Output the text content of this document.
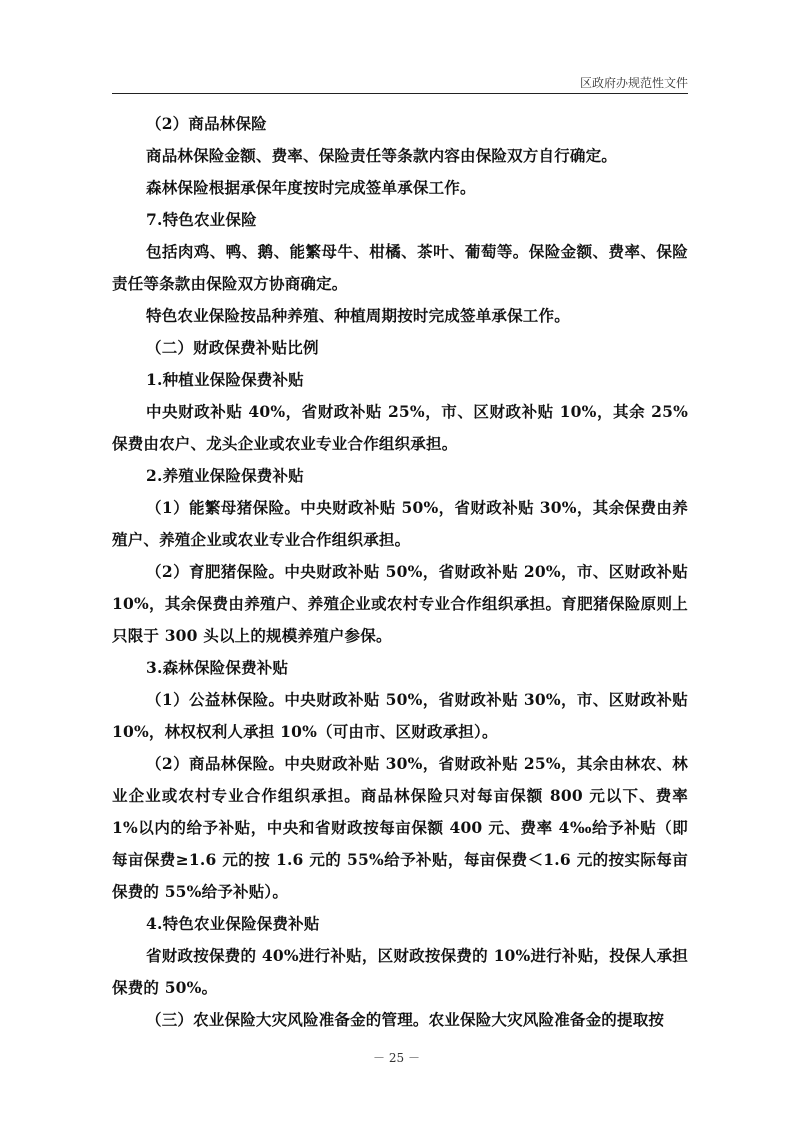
区政府办规范性文件

（2）商品林保险

商品林保险金额、费率、保险责任等条款内容由保险双方自行确定。

森林保险根据承保年度按时完成签单承保工作。

7.特色农业保险

包括肉鸡、鸭、鹅、能繁母牛、柑橘、茶叶、葡萄等。保险金额、费率、保险责任等条款由保险双方协商确定。

特色农业保险按品种养殖、种植周期按时完成签单承保工作。

（二）财政保费补贴比例

1.种植业保险保费补贴

中央财政补贴 40%，省财政补贴 25%，市、区财政补贴 10%，其余 25%保费由农户、龙头企业或农业专业合作组织承担。

2.养殖业保险保费补贴

（1）能繁母猪保险。中央财政补贴 50%，省财政补贴 30%，其余保费由养殖户、养殖企业或农业专业合作组织承担。

（2）育肥猪保险。中央财政补贴 50%，省财政补贴 20%，市、区财政补贴 10%，其余保费由养殖户、养殖企业或农村专业合作组织承担。育肥猪保险原则上只限于 300 头以上的规模养殖户参保。

3.森林保险保费补贴

（1）公益林保险。中央财政补贴 50%，省财政补贴 30%，市、区财政补贴 10%，林权权利人承担 10%（可由市、区财政承担）。

（2）商品林保险。中央财政补贴 30%，省财政补贴 25%，其余由林农、林业企业或农村专业合作组织承担。商品林保险只对每亩保额 800 元以下、费率 1%以内的给予补贴，中央和省财政按每亩保额 400 元、费率 4‰给予补贴（即每亩保费≥1.6 元的按 1.6 元的 55%给予补贴，每亩保费＜1.6 元的按实际每亩保费的 55%给予补贴）。

4.特色农业保险保费补贴

省财政按保费的 40%进行补贴，区财政按保费的 10%进行补贴，投保人承担保费的 50%。

（三）农业保险大灾风险准备金的管理。农业保险大灾风险准备金的提取按

－ 25 －
